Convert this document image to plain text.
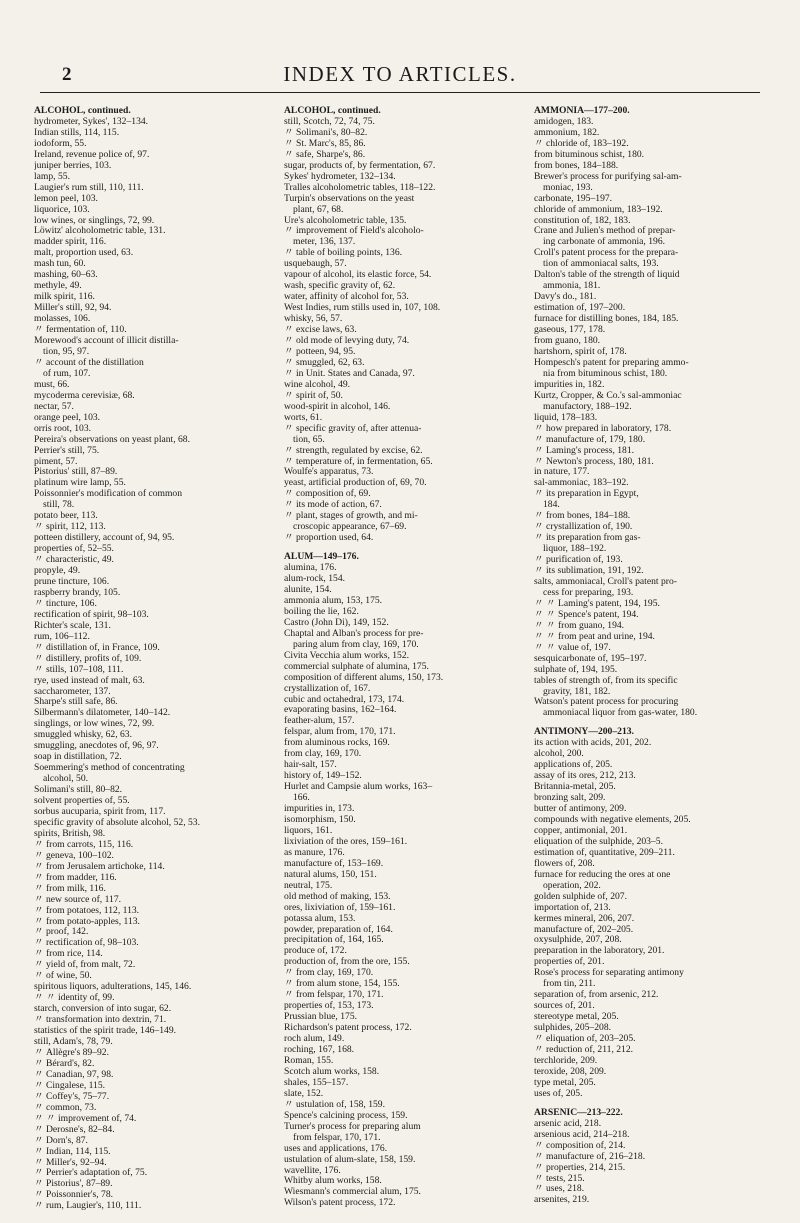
2	INDEX TO ARTICLES.
ALCOHOL, continued.
hydrometer, Sykes', 132–134.
Indian stills, 114, 115.
iodoform, 55.
Ireland, revenue police of, 97.
juniper berries, 103.
lamp, 55.
Laugier's rum still, 110, 111.
lemon peel, 103.
liquorice, 103.
low wines, or singlings, 72, 99.
Löwitz' alcoholometric table, 131.
madder spirit, 116.
malt, proportion used, 63.
mash tun, 60.
mashing, 60–63.
methyle, 49.
milk spirit, 116.
Miller's still, 92, 94.
molasses, 106.
〃 fermentation of, 110.
Morewood's account of illicit distilla-
tion, 95, 97.
〃 account of the distillation
of rum, 107.
must, 66.
mycoderma cerevisiæ, 68.
nectar, 57.
orange peel, 103.
orris root, 103.
Pereira's observations on yeast plant, 68.
Perrier's still, 75.
piment, 57.
Pistorius' still, 87–89.
platinum wire lamp, 55.
Poissonnier's modification of common
still, 78.
potato beer, 113.
〃 spirit, 112, 113.
potteen distillery, account of, 94, 95.
properties of, 52–55.
〃 characteristic, 49.
propyle, 49.
prune tincture, 106.
raspberry brandy, 105.
〃 tincture, 106.
rectification of spirit, 98–103.
Richter's scale, 131.
rum, 106–112.
〃 distillation of, in France, 109.
〃 distillery, profits of, 109.
〃 stills, 107–108, 111.
rye, used instead of malt, 63.
saccharometer, 137.
Sharpe's still safe, 86.
Silbermann's dilatometer, 140–142.
singlings, or low wines, 72, 99.
smuggled whisky, 62, 63.
smuggling, anecdotes of, 96, 97.
soap in distillation, 72.
Soemmering's method of concentrating
alcohol, 50.
Solimani's still, 80–82.
solvent properties of, 55.
sorbus aucuparia, spirit from, 117.
specific gravity of absolute alcohol, 52, 53.
spirits, British, 98.
〃 from carrots, 115, 116.
〃 geneva, 100–102.
〃 from Jerusalem artichoke, 114.
〃 from madder, 116.
〃 from milk, 116.
〃 new source of, 117.
〃 from potatoes, 112, 113.
〃 from potato-apples, 113.
〃 proof, 142.
〃 rectification of, 98–103.
〃 from rice, 114.
〃 yield of, from malt, 72.
〃 of wine, 50.
spiritous liquors, adulterations, 145, 146.
〃 〃 identity of, 99.
starch, conversion of into sugar, 62.
〃 transformation into dextrin, 71.
statistics of the spirit trade, 146–149.
still, Adam's, 78, 79.
〃 Allègre's 89–92.
〃 Bérard's, 82.
〃 Canadian, 97, 98.
〃 Cingalese, 115.
〃 Coffey's, 75–77.
〃 common, 73.
〃 〃 improvement of, 74.
〃 Derosne's, 82–84.
〃 Dorn's, 87.
〃 Indian, 114, 115.
〃 Miller's, 92–94.
〃 Perrier's adaptation of, 75.
〃 Pistorius', 87–89.
〃 Poissonnier's, 78.
〃 rum, Laugier's, 110, 111.
ALCOHOL, continued.
still, Scotch, 72, 74, 75.
〃 Solimani's, 80–82.
〃 St. Marc's, 85, 86.
〃 safe, Sharpe's, 86.
sugar, products of, by fermentation, 67.
Sykes' hydrometer, 132–134.
Tralles alcoholometric tables, 118–122.
Turpin's observations on the yeast
plant, 67, 68.
Ure's alcoholometric table, 135.
〃 improvement of Field's alcoholo-
meter, 136, 137.
〃 table of boiling points, 136.
usquebaugh, 57.
vapour of alcohol, its elastic force, 54.
wash, specific gravity of, 62.
water, affinity of alcohol for, 53.
West Indies, rum stills used in, 107, 108.
whisky, 56, 57.
〃 excise laws, 63.
〃 old mode of levying duty, 74.
〃 potteen, 94, 95.
〃 smuggled, 62, 63.
〃 in Unit. States and Canada, 97.
wine alcohol, 49.
〃 spirit of, 50.
wood-spirit in alcohol, 146.
worts, 61.
〃 specific gravity of, after attenua-
tion, 65.
〃 strength, regulated by excise, 62.
〃 temperature of, in fermentation, 65.
Woulfe's apparatus, 73.
yeast, artificial production of, 69, 70.
〃 composition of, 69.
〃 its mode of action, 67.
〃 plant, stages of growth, and mi-
croscopic appearance, 67–69.
〃 proportion used, 64.
ALUM—149–176.
alumina, 176.
alum-rock, 154.
alunite, 154.
ammonia alum, 153, 175.
boiling the lie, 162.
Castro (John Di), 149, 152.
Chaptal and Alban's process for pre-
paring alum from clay, 169, 170.
Civita Vecchia alum works, 152.
commercial sulphate of alumina, 175.
composition of different alums, 150, 173.
crystallization of, 167.
cubic and octahedral, 173, 174.
evaporating basins, 162–164.
feather-alum, 157.
felspar, alum from, 170, 171.
from aluminous rocks, 169.
from clay, 169, 170.
hair-salt, 157.
history of, 149–152.
Hurlet and Campsie alum works, 163–
166.
impurities in, 173.
isomorphism, 150.
liquors, 161.
lixiviation of the ores, 159–161.
as manure, 176.
manufacture of, 153–169.
natural alums, 150, 151.
neutral, 175.
old method of making, 153.
ores, lixiviation of, 159–161.
potassa alum, 153.
powder, preparation of, 164.
precipitation of, 164, 165.
produce of, 172.
production of, from the ore, 155.
〃 from clay, 169, 170.
〃 from alum stone, 154, 155.
〃 from felspar, 170, 171.
properties of, 153, 173.
Prussian blue, 175.
Richardson's patent process, 172.
roch alum, 149.
roching, 167, 168.
Roman, 155.
Scotch alum works, 158.
shales, 155–157.
slate, 152.
〃 ustulation of, 158, 159.
Spence's calcining process, 159.
Turner's process for preparing alum
from felspar, 170, 171.
uses and applications, 176.
ustulation of alum-slate, 158, 159.
wavellite, 176.
Whitby alum works, 158.
Wiesmann's commercial alum, 175.
Wilson's patent process, 172.
AMMONIA—177–200.
amidogen, 183.
ammonium, 182.
〃 chloride of, 183–192.
from bituminous schist, 180.
from bones, 184–188.
Brewer's process for purifying sal-am-
moniac, 193.
carbonate, 195–197.
chloride of ammonium, 183–192.
constitution of, 182, 183.
Crane and Julien's method of prepar-
ing carbonate of ammonia, 196.
Croll's patent process for the prepara-
tion of ammoniacal salts, 193.
Dalton's table of the strength of liquid
ammonia, 181.
Davy's do., 181.
estimation of, 197–200.
furnace for distilling bones, 184, 185.
gaseous, 177, 178.
from guano, 180.
hartshorn, spirit of, 178.
Hompesch's patent for preparing ammo-
nia from bituminous schist, 180.
impurities in, 182.
Kurtz, Cropper, & Co.'s sal-ammoniac
manufactory, 188–192.
liquid, 178–183.
〃 how prepared in laboratory, 178.
〃 manufacture of, 179, 180.
〃 Laming's process, 181.
〃 Newton's process, 180, 181.
in nature, 177.
sal-ammoniac, 183–192.
〃 its preparation in Egypt,
184.
〃 from bones, 184–188.
〃 crystallization of, 190.
〃 its preparation from gas-
liquor, 188–192.
〃 purification of, 193.
〃 its sublimation, 191, 192.
salts, ammoniacal, Croll's patent pro-
cess for preparing, 193.
〃 〃 Laming's patent, 194, 195.
〃 〃 Spence's patent, 194.
〃 〃 from guano, 194.
〃 〃 from peat and urine, 194.
〃 〃 value of, 197.
sesquicarbonate of, 195–197.
sulphate of, 194, 195.
tables of strength of, from its specific
gravity, 181, 182.
Watson's patent process for procuring
ammoniacal liquor from gas-water, 180.
ANTIMONY—200–213.
its action with acids, 201, 202.
alcohol, 200.
applications of, 205.
assay of its ores, 212, 213.
Britannia-metal, 205.
bronzing salt, 209.
butter of antimony, 209.
compounds with negative elements, 205.
copper, antimonial, 201.
eliquation of the sulphide, 203–5.
estimation of, quantitative, 209–211.
flowers of, 208.
furnace for reducing the ores at one
operation, 202.
golden sulphide of, 207.
importation of, 213.
kermes mineral, 206, 207.
manufacture of, 202–205.
oxysulphide, 207, 208.
preparation in the laboratory, 201.
properties of, 201.
Rose's process for separating antimony
from tin, 211.
separation of, from arsenic, 212.
sources of, 201.
stereotype metal, 205.
sulphides, 205–208.
〃 eliquation of, 203–205.
〃 reduction of, 211, 212.
terchloride, 209.
teroxide, 208, 209.
type metal, 205.
uses of, 205.
ARSENIC—213–222.
arsenic acid, 218.
arsenious acid, 214–218.
〃 composition of, 214.
〃 manufacture of, 216–218.
〃 properties, 214, 215.
〃 tests, 215.
〃 uses, 218.
arsenites, 219.
